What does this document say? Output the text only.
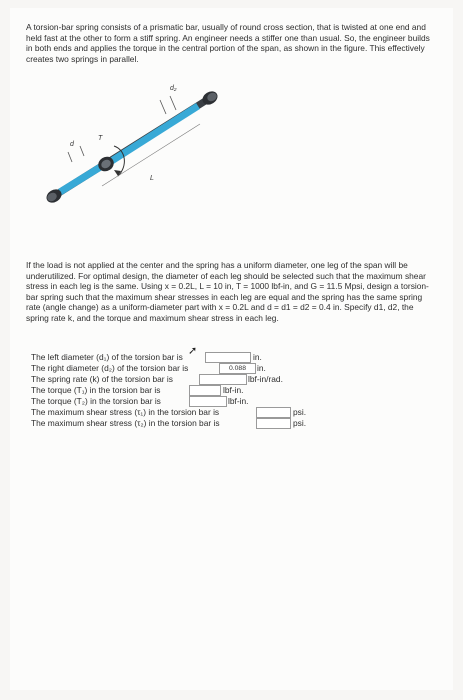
A torsion-bar spring consists of a prismatic bar, usually of round cross section, that is twisted at one end and held fast at the other to form a stiff spring. An engineer needs a stiffer one than usual. So, the engineer builds in both ends and applies the torque in the central portion of the span, as shown in the figure. This effectively creates two springs in parallel.
d₂
T
d
L
If the load is not applied at the center and the spring has a uniform diameter, one leg of the span will be underutilized. For optimal design, the diameter of each leg should be selected such that the maximum shear stress in each leg is the same. Using x = 0.2L, L = 10 in, T = 1000 lbf-in, and G = 11.5 Mpsi, design a torsion-bar spring such that the maximum shear stresses in each leg are equal and the spring has the same spring rate (angle change) as a uniform-diameter part with x = 0.2L and d = d1 = d2 = 0.4 in. Specify d1, d2, the spring rate k, and the torque and maximum shear stress in each leg.
The left diameter (d₁) of the torsion bar is	in.
➚
The right diameter (d₂) of the torsion bar is	0.088	in.
The spring rate (k) of the torsion bar is	lbf-in/rad.
The torque (T₁) in the torsion bar is	lbf-in.
The torque (T₂) in the torsion bar is	lbf-in.
The maximum shear stress (τ₁) in the torsion bar is	psi.
The maximum shear stress (τ₂) in the torsion bar is	psi.
